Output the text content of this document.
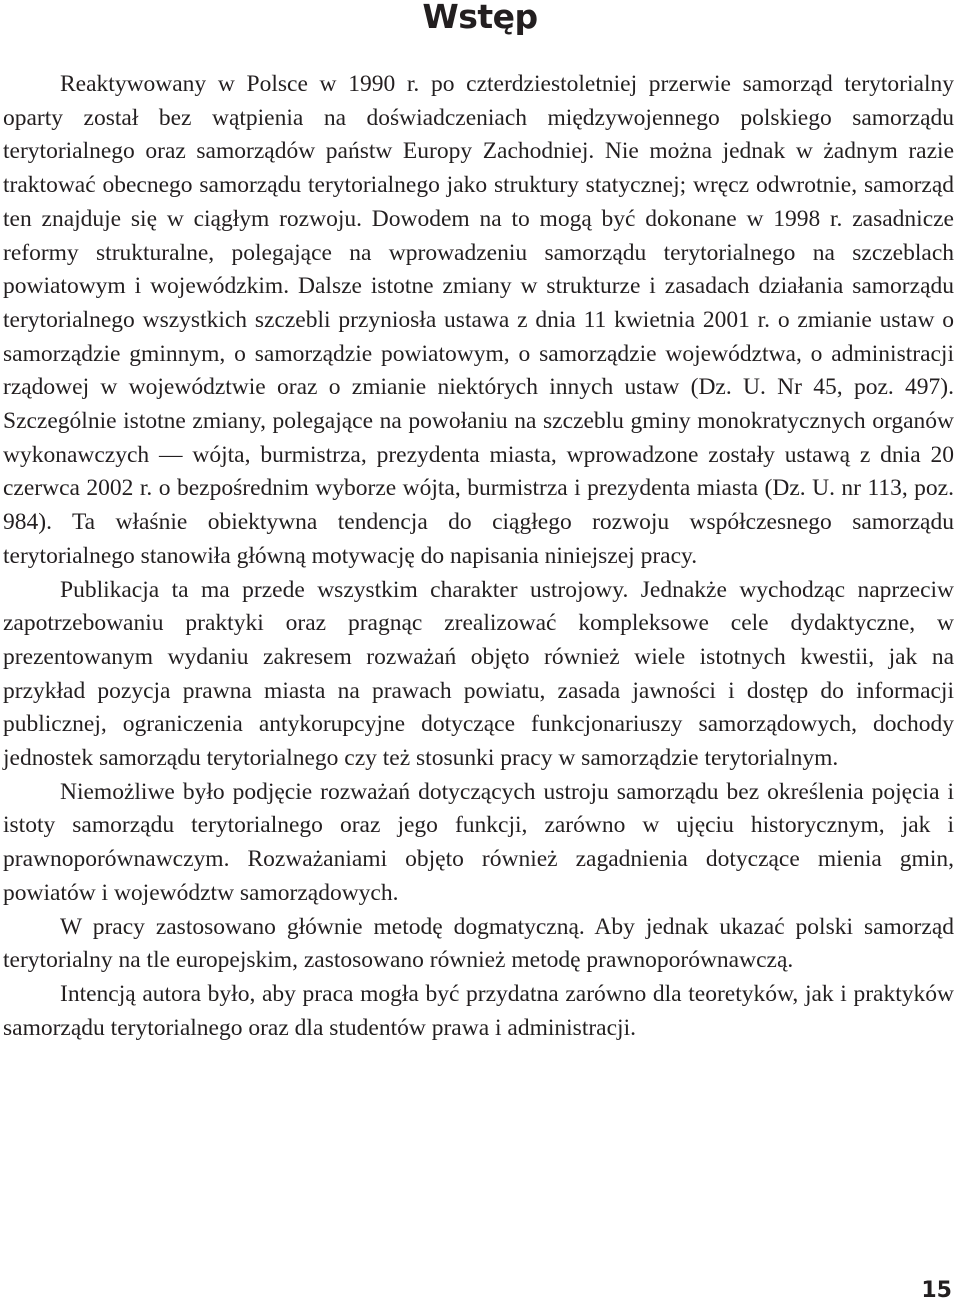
Wstęp

Reaktywowany w Polsce w 1990 r. po czterdziestoletniej przerwie samorząd terytorialny oparty został bez wątpienia na doświadczeniach międzywojennego polskiego samorządu terytorialnego oraz samorządów państw Europy Zachodniej. Nie można jednak w żadnym razie traktować obecnego samorządu terytorialnego jako struktury statycznej; wręcz odwrotnie, samorząd ten znajduje się w ciągłym rozwoju. Dowodem na to mogą być dokonane w 1998 r. zasadnicze reformy strukturalne, polegające na wprowadzeniu samorządu terytorialnego na szczeblach powiatowym i wojewódzkim. Dalsze istotne zmiany w strukturze i zasadach działania samorządu terytorialnego wszystkich szczebli przyniosła ustawa z dnia 11 kwietnia 2001 r. o zmianie ustaw o samorządzie gminnym, o samorządzie powiatowym, o samorządzie województwa, o administracji rządowej w województwie oraz o zmianie niektórych innych ustaw (Dz. U. Nr 45, poz. 497). Szczególnie istotne zmiany, polegające na powołaniu na szczeblu gminy monokratycznych organów wykonawczych — wójta, burmistrza, prezydenta miasta, wprowadzone zostały ustawą z dnia 20 czerwca 2002 r. o bezpośrednim wyborze wójta, burmistrza i prezydenta miasta (Dz. U. nr 113, poz. 984). Ta właśnie obiektywna tendencja do ciągłego rozwoju współczesnego samorządu terytorialnego stanowiła główną motywację do napisania niniejszej pracy.

Publikacja ta ma przede wszystkim charakter ustrojowy. Jednakże wychodząc naprzeciw zapotrzebowaniu praktyki oraz pragnąc zrealizować kompleksowe cele dydaktyczne, w prezentowanym wydaniu zakresem rozważań objęto również wiele istotnych kwestii, jak na przykład pozycja prawna miasta na prawach powiatu, zasada jawności i dostęp do informacji publicznej, ograniczenia antykorupcyjne dotyczące funkcjonariuszy samorządowych, dochody jednostek samorządu terytorialnego czy też stosunki pracy w samorządzie terytorialnym.

Niemożliwe było podjęcie rozważań dotyczących ustroju samorządu bez określenia pojęcia i istoty samorządu terytorialnego oraz jego funkcji, zarówno w ujęciu historycznym, jak i prawnoporównawczym. Rozważaniami objęto również zagadnienia dotyczące mienia gmin, powiatów i województw samorządowych.

W pracy zastosowano głównie metodę dogmatyczną. Aby jednak ukazać polski samorząd terytorialny na tle europejskim, zastosowano również metodę prawnoporównawczą.

Intencją autora było, aby praca mogła być przydatna zarówno dla teoretyków, jak i praktyków samorządu terytorialnego oraz dla studentów prawa i administracji.

15
